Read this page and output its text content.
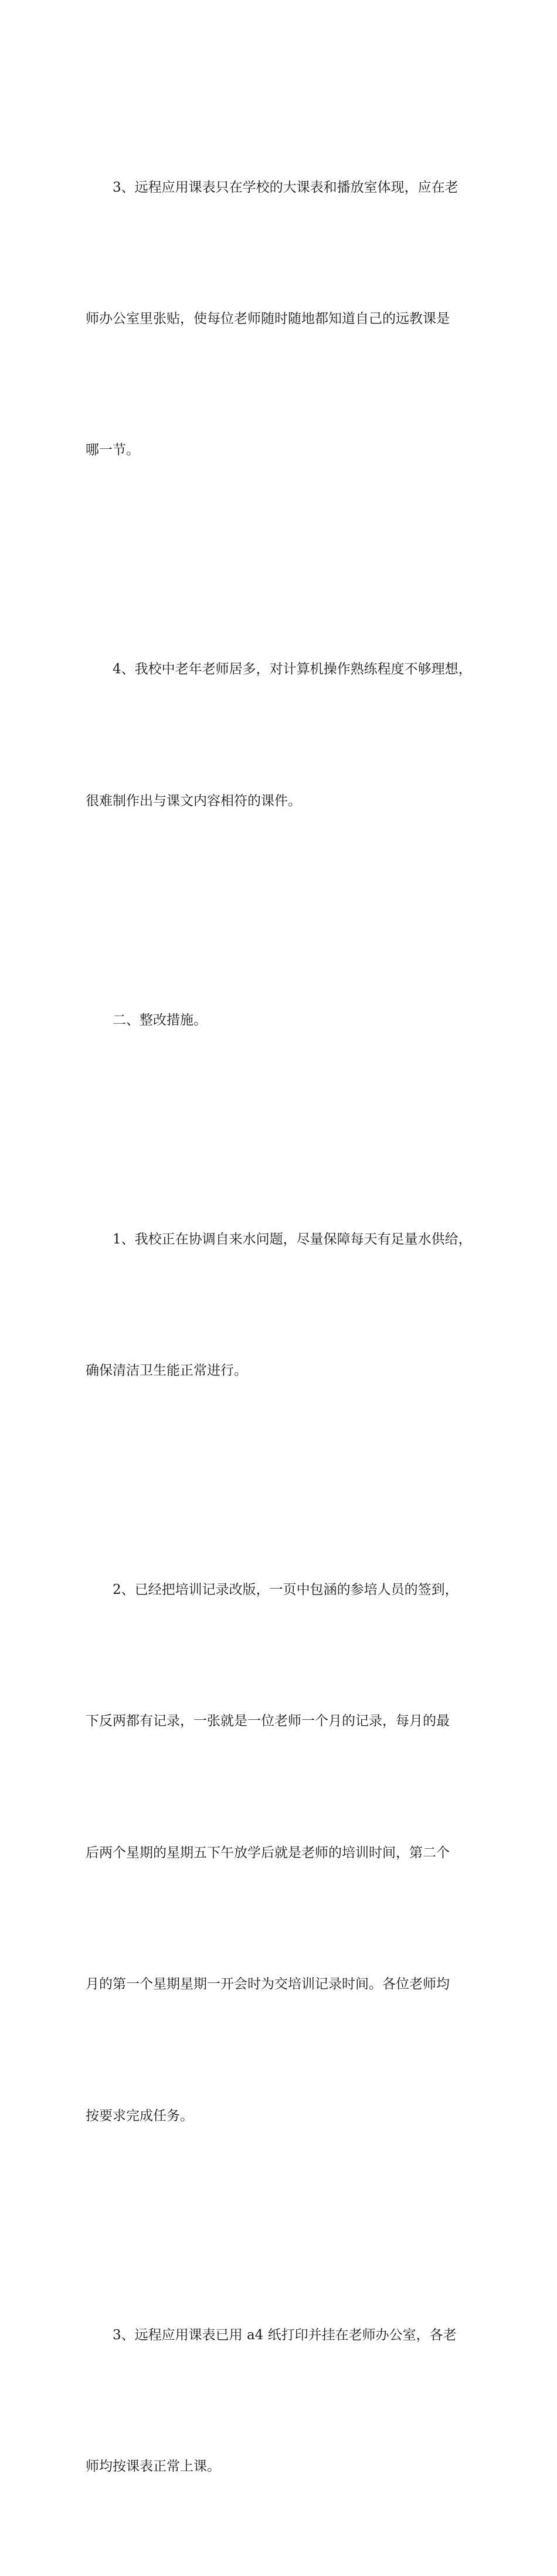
3、远程应用课表只在学校的大课表和播放室体现，应在老

师办公室里张贴，使每位老师随时随地都知道自己的远教课是

哪一节。

4、我校中老年老师居多，对计算机操作熟练程度不够理想，

很难制作出与课文内容相符的课件。

二、整改措施。

1、我校正在协调自来水问题，尽量保障每天有足量水供给，

确保清洁卫生能正常进行。

2、已经把培训记录改版，一页中包涵的参培人员的签到，

下反两都有记录，一张就是一位老师一个月的记录，每月的最

后两个星期的星期五下午放学后就是老师的培训时间，第二个

月的第一个星期星期一开会时为交培训记录时间。各位老师均

按要求完成任务。

3、远程应用课表已用 a4 纸打印并挂在老师办公室，各老

师均按课表正常上课。
